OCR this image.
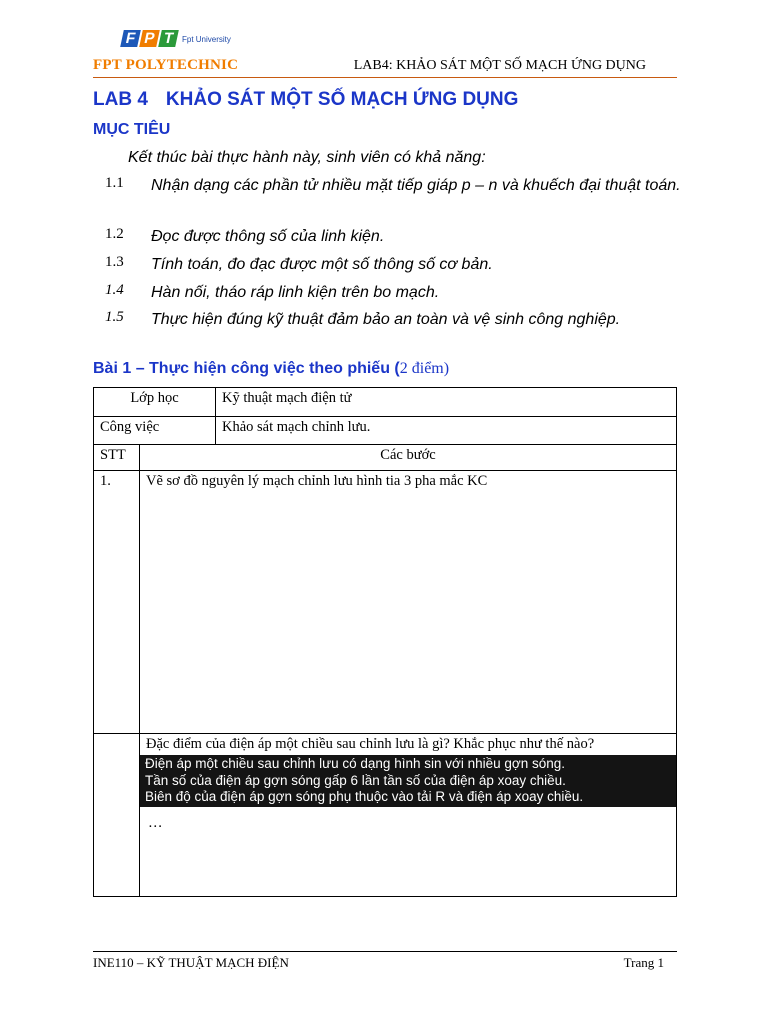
F P T Fpt University
FPT POLYTECHNIC	LAB4: KHẢO SÁT MỘT SỐ MẠCH ỨNG DỤNG
LAB 4 KHẢO SÁT MỘT SỐ MẠCH ỨNG DỤNG
MỤC TIÊU
Kết thúc bài thực hành này, sinh viên có khả năng:
1.1 Nhận dạng các phần tử nhiều mặt tiếp giáp p – n và khuếch đại thuật toán.
1.2 Đọc được thông số của linh kiện.
1.3 Tính toán, đo đạc được một số thông số cơ bản.
1.4 Hàn nối, tháo ráp linh kiện trên bo mạch.
1.5 Thực hiện đúng kỹ thuật đảm bảo an toàn và vệ sinh công nghiệp.
Bài 1 – Thực hiện công việc theo phiếu (2 điểm)
Lớp học		Kỹ thuật mạch điện tử
Công việc		Khảo sát mạch chỉnh lưu.
STT	Các bước	
1.	Vẽ sơ đồ nguyên lý mạch chỉnh lưu hình tia 3 pha mắc KC	

	Đặc điểm của điện áp một chiều sau chỉnh lưu là gì? Khắc phục như thế nào?
Điện áp một chiều sau chỉnh lưu có dạng hình sin với nhiều gợn sóng.
Tần số của điện áp gợn sóng gấp 6 lần tần số của điện áp xoay chiều.
Biên độ của điện áp gợn sóng phụ thuộc vào tải R và điện áp xoay chiều.
…	
INE110 – KỸ THUẬT MẠCH ĐIỆN	Trang 1
